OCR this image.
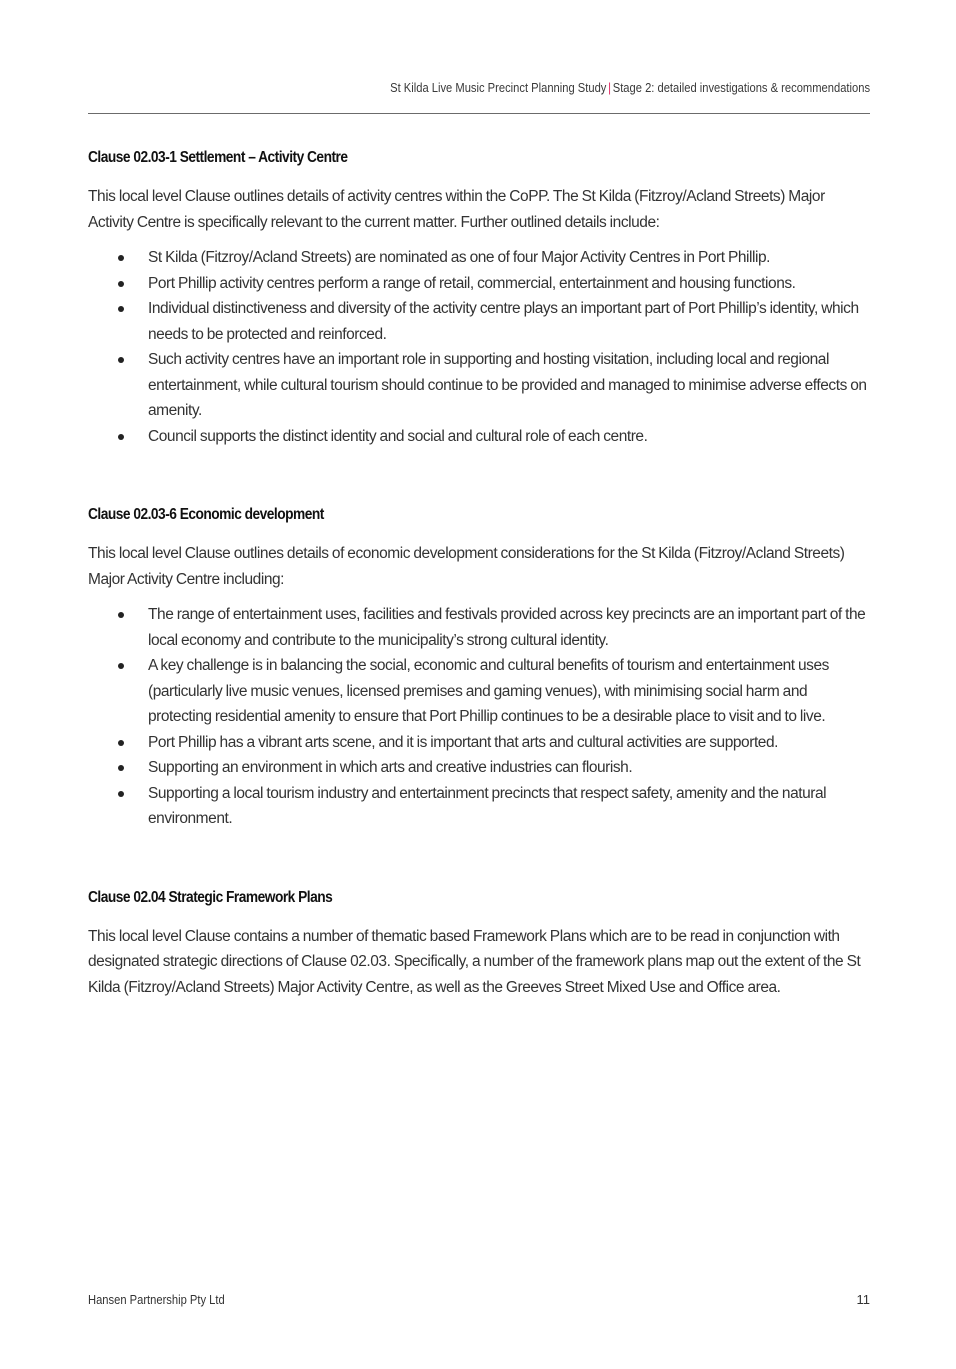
St Kilda Live Music Precinct Planning Study | Stage 2: detailed investigations & recommendations
Clause 02.03-1 Settlement – Activity Centre

This local level Clause outlines details of activity centres within the CoPP. The St Kilda (Fitzroy/Acland Streets) Major Activity Centre is specifically relevant to the current matter. Further outlined details include:

St Kilda (Fitzroy/Acland Streets) are nominated as one of four Major Activity Centres in Port Phillip.
Port Phillip activity centres perform a range of retail, commercial, entertainment and housing functions.
Individual distinctiveness and diversity of the activity centre plays an important part of Port Phillip’s identity, which needs to be protected and reinforced.
Such activity centres have an important role in supporting and hosting visitation, including local and regional entertainment, while cultural tourism should continue to be provided and managed to minimise adverse effects on amenity.
Council supports the distinct identity and social and cultural role of each centre.
Clause 02.03-6 Economic development

This local level Clause outlines details of economic development considerations for the St Kilda (Fitzroy/Acland Streets) Major Activity Centre including:

The range of entertainment uses, facilities and festivals provided across key precincts are an important part of the local economy and contribute to the municipality’s strong cultural identity.
A key challenge is in balancing the social, economic and cultural benefits of tourism and entertainment uses (particularly live music venues, licensed premises and gaming venues), with minimising social harm and protecting residential amenity to ensure that Port Phillip continues to be a desirable place to visit and to live.
Port Phillip has a vibrant arts scene, and it is important that arts and cultural activities are supported.
Supporting an environment in which arts and creative industries can flourish.
Supporting a local tourism industry and entertainment precincts that respect safety, amenity and the natural environment.
Clause 02.04 Strategic Framework Plans

This local level Clause contains a number of thematic based Framework Plans which are to be read in conjunction with designated strategic directions of Clause 02.03. Specifically, a number of the framework plans map out the extent of the St Kilda (Fitzroy/Acland Streets) Major Activity Centre, as well as the Greeves Street Mixed Use and Office area.

Hansen Partnership Pty Ltd	11
